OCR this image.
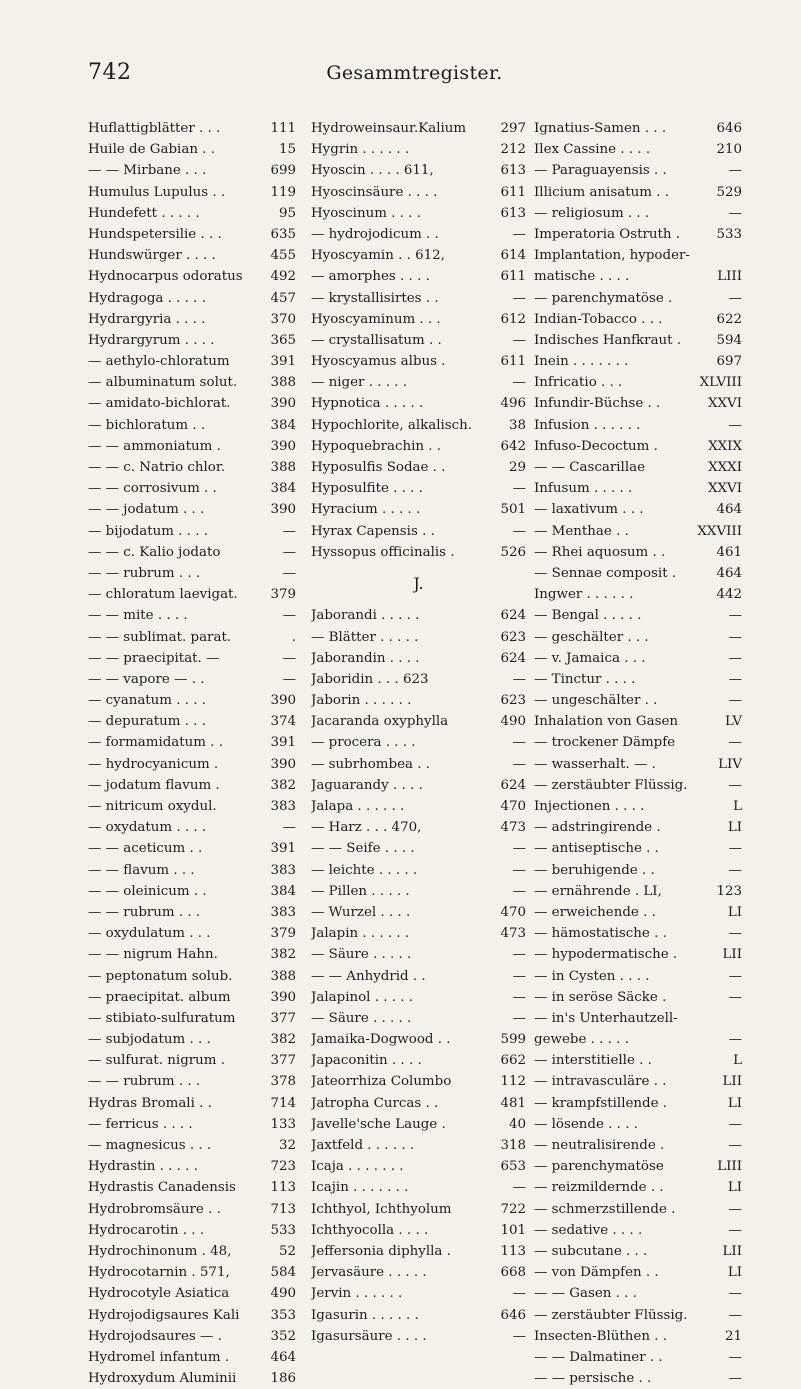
742	Gesammtregister.
Huflattigblätter . . .	111
Huile de Gabian . .	15
— — Mirbane . . .	699
Humulus Lupulus . .	119
Hundefett . . . . .	95
Hundspetersilie . . .	635
Hundswürger . . . .	455
Hydnocarpus odoratus 492
Hydragoga . . . . .	457
Hydrargyria . . . .	370
Hydrargyrum . . . .	365
— aethylo-chloratum	391
— albuminatum solut. 388
— amidato-bichlorat.	390
— bichloratum . .	384
— — ammoniatum .	390
— — c. Natrio chlor.	388
— — corrosivum . .	384
— — jodatum . . .	390
— bijodatum . . . .	—
— — c. Kalio jodato	—
— — rubrum . . .	—
— chloratum laevigat. 379
— — mite . . . .	—
— — sublimat. parat.	.
— — praecipitat. —	—
— — vapore — . .	—
— cyanatum . . . .	390
— depuratum . . .	374
— formamidatum . .	391
— hydrocyanicum .	390
— jodatum flavum .	382
— nitricum oxydul.	383
— oxydatum . . . .	—
— — aceticum . .	391
— — flavum . . .	383
— — oleinicum . .	384
— — rubrum . . .	383
— oxydulatum . . .	379
— — nigrum Hahn.	382
— peptonatum solub.	388
— praecipitat. album	390
— stibiato-sulfuratum	377
— subjodatum . . .	382
— sulfurat. nigrum .	377
— — rubrum . . .	378
Hydras Bromali . .	714
— ferricus . . . .	133
— magnesicus . . .	32
Hydrastin . . . . .	723
Hydrastis Canadensis	113
Hydrobromsäure . .	713
Hydrocarotin . . .	533
Hydrochinonum . 48,	52
Hydrocotarnin . 571,	584
Hydrocotyle Asiatica	490
Hydrojodigsaures Kali 353
Hydrojodsaures — .	352
Hydromel infantum .	464
Hydroxydum Aluminii	186
Hydroweinsaur.Kalium	297
Hygrin . . . . . .	212
Hyoscin . . . . 611,	613
Hyoscinsäure . . . .	611
Hyoscinum . . . .	613
— hydrojodicum . .	—
Hyoscyamin . . 612,	614
— amorphes . . . .	611
— krystallisirtes . .	—
Hyoscyaminum . . .	612
— crystallisatum . .	—
Hyoscyamus albus .	611
— niger . . . . .	—
Hypnotica . . . . .	496
Hypochlorite, alkalisch.	38
Hypoquebrachin . .	642
Hyposulfis Sodae . .	29
Hyposulfite . . . .	—
Hyracium . . . . .	501
Hyrax Capensis . .	—
Hyssopus officinalis .	526
J.
Jaborandi . . . . .	624
— Blätter . . . . .	623
Jaborandin . . . .	624
Jaboridin . . . 623	—
Jaborin . . . . . .	623
Jacaranda oxyphylla	490
— procera . . . .	—
— subrhombea . .	—
Jaguarandy . . . .	624
Jalapa . . . . . .	470
— Harz . . . 470,	473
— — Seife . . . .	—
— leichte . . . . .	—
— Pillen . . . . .	—
— Wurzel . . . .	470
Jalapin . . . . . .	473
— Säure . . . . .	—
— — Anhydrid . .	—
Jalapinol . . . . .	—
— Säure . . . . .	—
Jamaika-Dogwood . .	599
Japaconitin . . . .	662
Jateorrhiza Columbo	112
Jatropha Curcas . .	481
Javelle'sche Lauge .	40
Jaxtfeld . . . . . .	318
Icaja . . . . . . .	653
Icajin . . . . . . .	—
Ichthyol, Ichthyolum	722
Ichthyocolla . . . .	101
Jeffersonia diphylla .	113
Jervasäure . . . . .	668
Jervin . . . . . .	—
Igasurin . . . . . .	646
Igasursäure . . . .	—
Ignatius-Samen . . .	646
Ilex Cassine . . . .	210
— Paraguayensis . .	—
Illicium anisatum . .	529
— religiosum . . .	—
Imperatoria Ostruth .	533
Implantation, hypoder-
matische . . . .	LIII
— parenchymatöse .	—
Indian-Tobacco . . .	622
Indisches Hanfkraut .	594
Inein . . . . . . .	697
Infricatio . . .	XLVIII
Infundir-Büchse . .	XXVI
Infusion . . . . . .	—
Infuso-Decoctum .	XXIX
— — Cascarillae	XXXI
Infusum . . . . .	XXVI
— laxativum . . .	464
— Menthae . .	XXVIII
— Rhei aquosum . .	461
— Sennae composit .	464
Ingwer . . . . . .	442
— Bengal . . . . .	—
— geschälter . . .	—
— v. Jamaica . . .	—
— Tinctur . . . .	—
— ungeschälter . .	—
Inhalation von Gasen	LV
— trockener Dämpfe	—
— wasserhalt. — .	LIV
— zerstäubter Flüssig.	—
Injectionen . . . .	L
— adstringirende .	LI
— antiseptische . .	—
— beruhigende . .	—
— ernährende . LI,	123
— erweichende . .	LI
— hämostatische . .	—
— hypodermatische .	LII
— in Cysten . . . .	—
— in seröse Säcke .	—
— in's Unterhautzell-
gewebe . . . . .	—
— interstitielle . .	L
— intravasculäre . .	LII
— krampfstillende .	LI
— lösende . . . .	—
— neutralisirende .	—
— parenchymatöse	LIII
— reizmildernde . .	LI
— schmerzstillende .	—
— sedative . . . .	—
— subcutane . . .	LII
— von Dämpfen . .	LI
— — Gasen . . .	—
— zerstäubter Flüssig.	—
Insecten-Blüthen . .	21
— — Dalmatiner . .	—
— — persische . .	—
